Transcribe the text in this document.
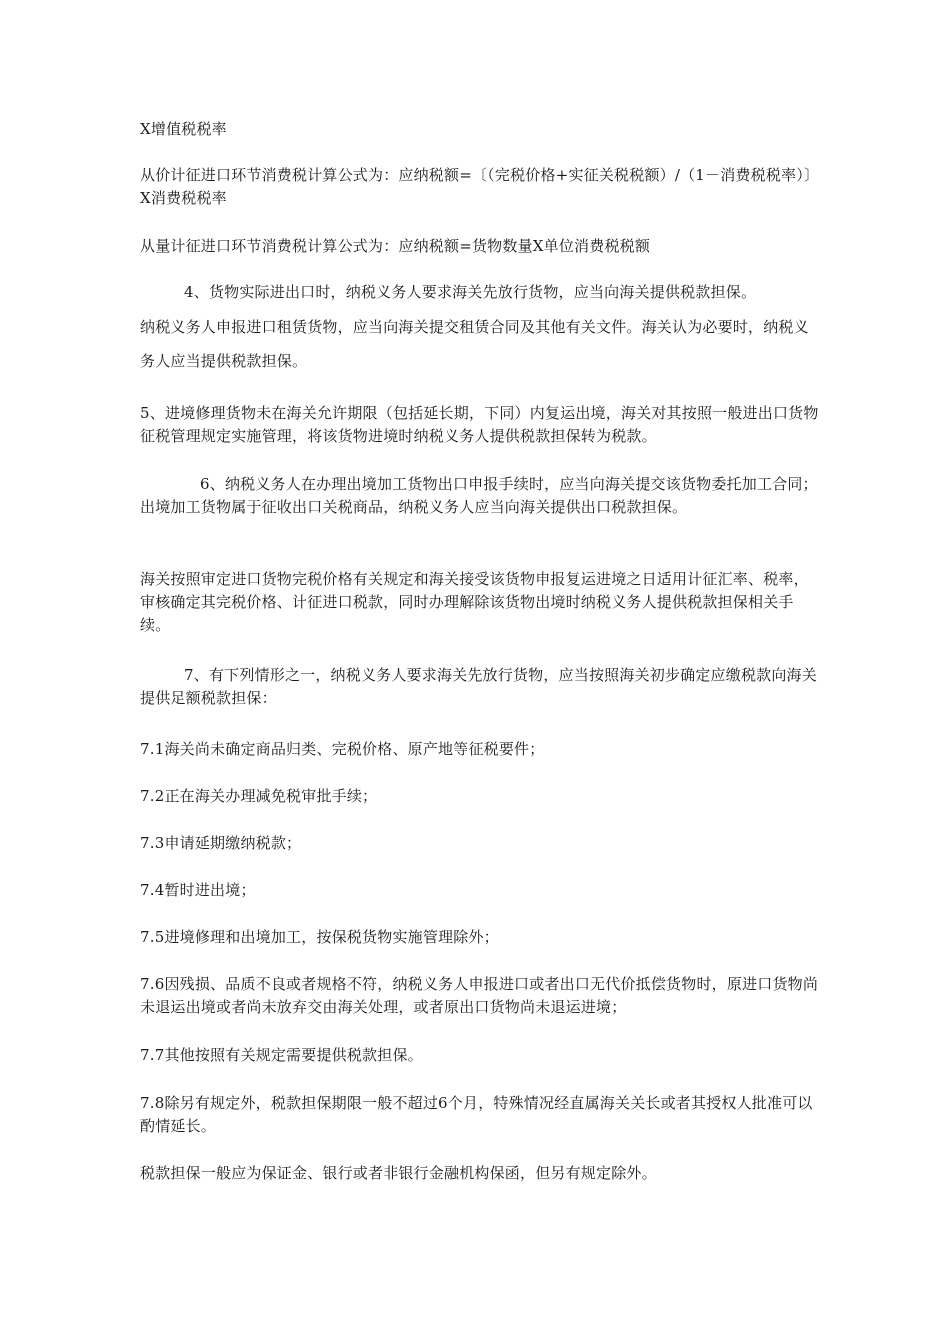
X增值税税率

从价计征进口环节消费税计算公式为：应纳税额=〔（完税价格+实征关税税额）/（1－消费税税率）〕X消费税税率

从量计征进口环节消费税计算公式为：应纳税额=货物数量X单位消费税税额

4、货物实际进出口时，纳税义务人要求海关先放行货物，应当向海关提供税款担保。

纳税义务人申报进口租赁货物，应当向海关提交租赁合同及其他有关文件。海关认为必要时，纳税义务人应当提供税款担保。

5、进境修理货物未在海关允许期限（包括延长期，下同）内复运出境，海关对其按照一般进出口货物征税管理规定实施管理，将该货物进境时纳税义务人提供税款担保转为税款。

6、纳税义务人在办理出境加工货物出口申报手续时，应当向海关提交该货物委托加工合同；出境加工货物属于征收出口关税商品，纳税义务人应当向海关提供出口税款担保。

海关按照审定进口货物完税价格有关规定和海关接受该货物申报复运进境之日适用计征汇率、税率，审核确定其完税价格、计征进口税款，同时办理解除该货物出境时纳税义务人提供税款担保相关手续。

7、有下列情形之一，纳税义务人要求海关先放行货物，应当按照海关初步确定应缴税款向海关提供足额税款担保：

7.1海关尚未确定商品归类、完税价格、原产地等征税要件；

7.2正在海关办理减免税审批手续；

7.3申请延期缴纳税款；

7.4暂时进出境；

7.5进境修理和出境加工，按保税货物实施管理除外；

7.6因残损、品质不良或者规格不符，纳税义务人申报进口或者出口无代价抵偿货物时，原进口货物尚未退运出境或者尚未放弃交由海关处理，或者原出口货物尚未退运进境；

7.7其他按照有关规定需要提供税款担保。

7.8除另有规定外，税款担保期限一般不超过6个月，特殊情况经直属海关关长或者其授权人批准可以酌情延长。

税款担保一般应为保证金、银行或者非银行金融机构保函，但另有规定除外。
